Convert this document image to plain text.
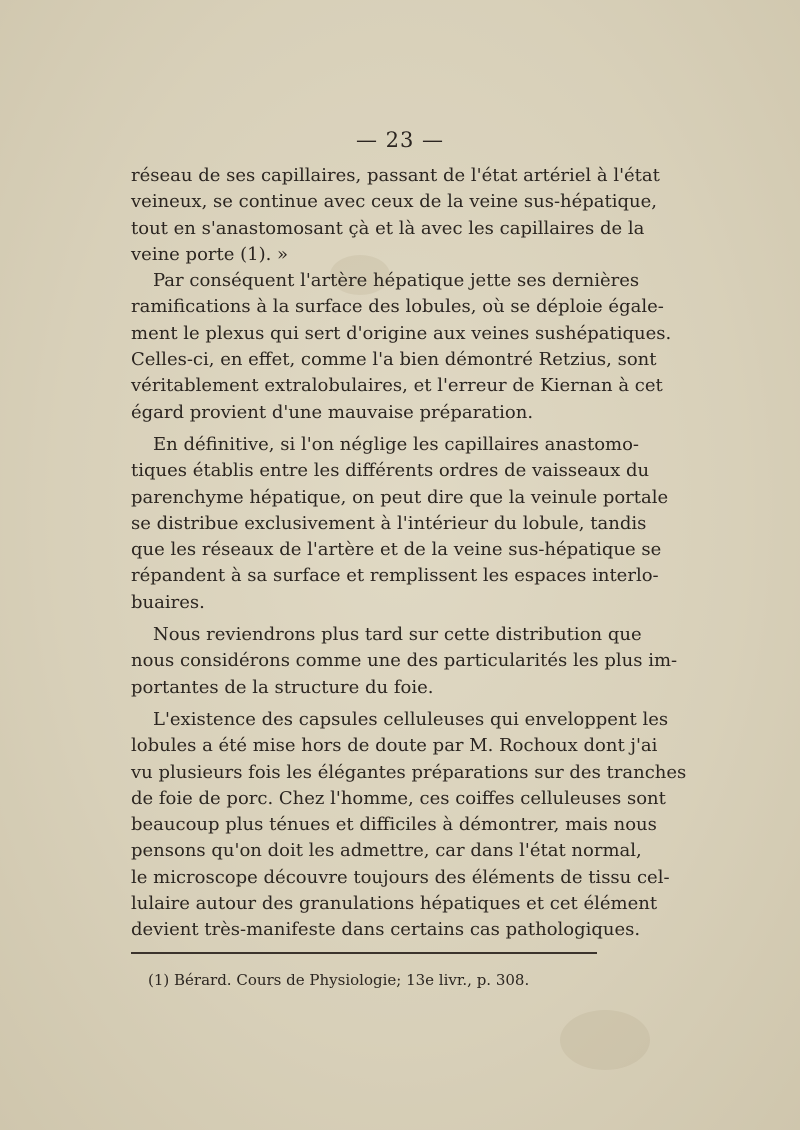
— 23 —
réseau de ses capillaires, passant de l'état artériel à l'état
veineux, se continue avec ceux de la veine sus-hépatique,
tout en s'anastomosant çà et là avec les capillaires de la
veine porte (1). »
Par conséquent l'artère hépatique jette ses dernières
ramifications à la surface des lobules, où se déploie égale-
ment le plexus qui sert d'origine aux veines sushépatiques.
Celles-ci, en effet, comme l'a bien démontré Retzius, sont
véritablement extralobulaires, et l'erreur de Kiernan à cet
égard provient d'une mauvaise préparation.
En définitive, si l'on néglige les capillaires anastomo-
tiques établis entre les différents ordres de vaisseaux du
parenchyme hépatique, on peut dire que la veinule portale
se distribue exclusivement à l'intérieur du lobule, tandis
que les réseaux de l'artère et de la veine sus-hépatique se
répandent à sa surface et remplissent les espaces interlo-
buaires.
Nous reviendrons plus tard sur cette distribution que
nous considérons comme une des particularités les plus im-
portantes de la structure du foie.
L'existence des capsules celluleuses qui enveloppent les
lobules a été mise hors de doute par M. Rochoux dont j'ai
vu plusieurs fois les élégantes préparations sur des tranches
de foie de porc. Chez l'homme, ces coiffes celluleuses sont
beaucoup plus ténues et difficiles à démontrer, mais nous
pensons qu'on doit les admettre, car dans l'état normal,
le microscope découvre toujours des éléments de tissu cel-
lulaire autour des granulations hépatiques et cet élément
devient très-manifeste dans certains cas pathologiques.
(1) Bérard. Cours de Physiologie; 13e livr., p. 308.
